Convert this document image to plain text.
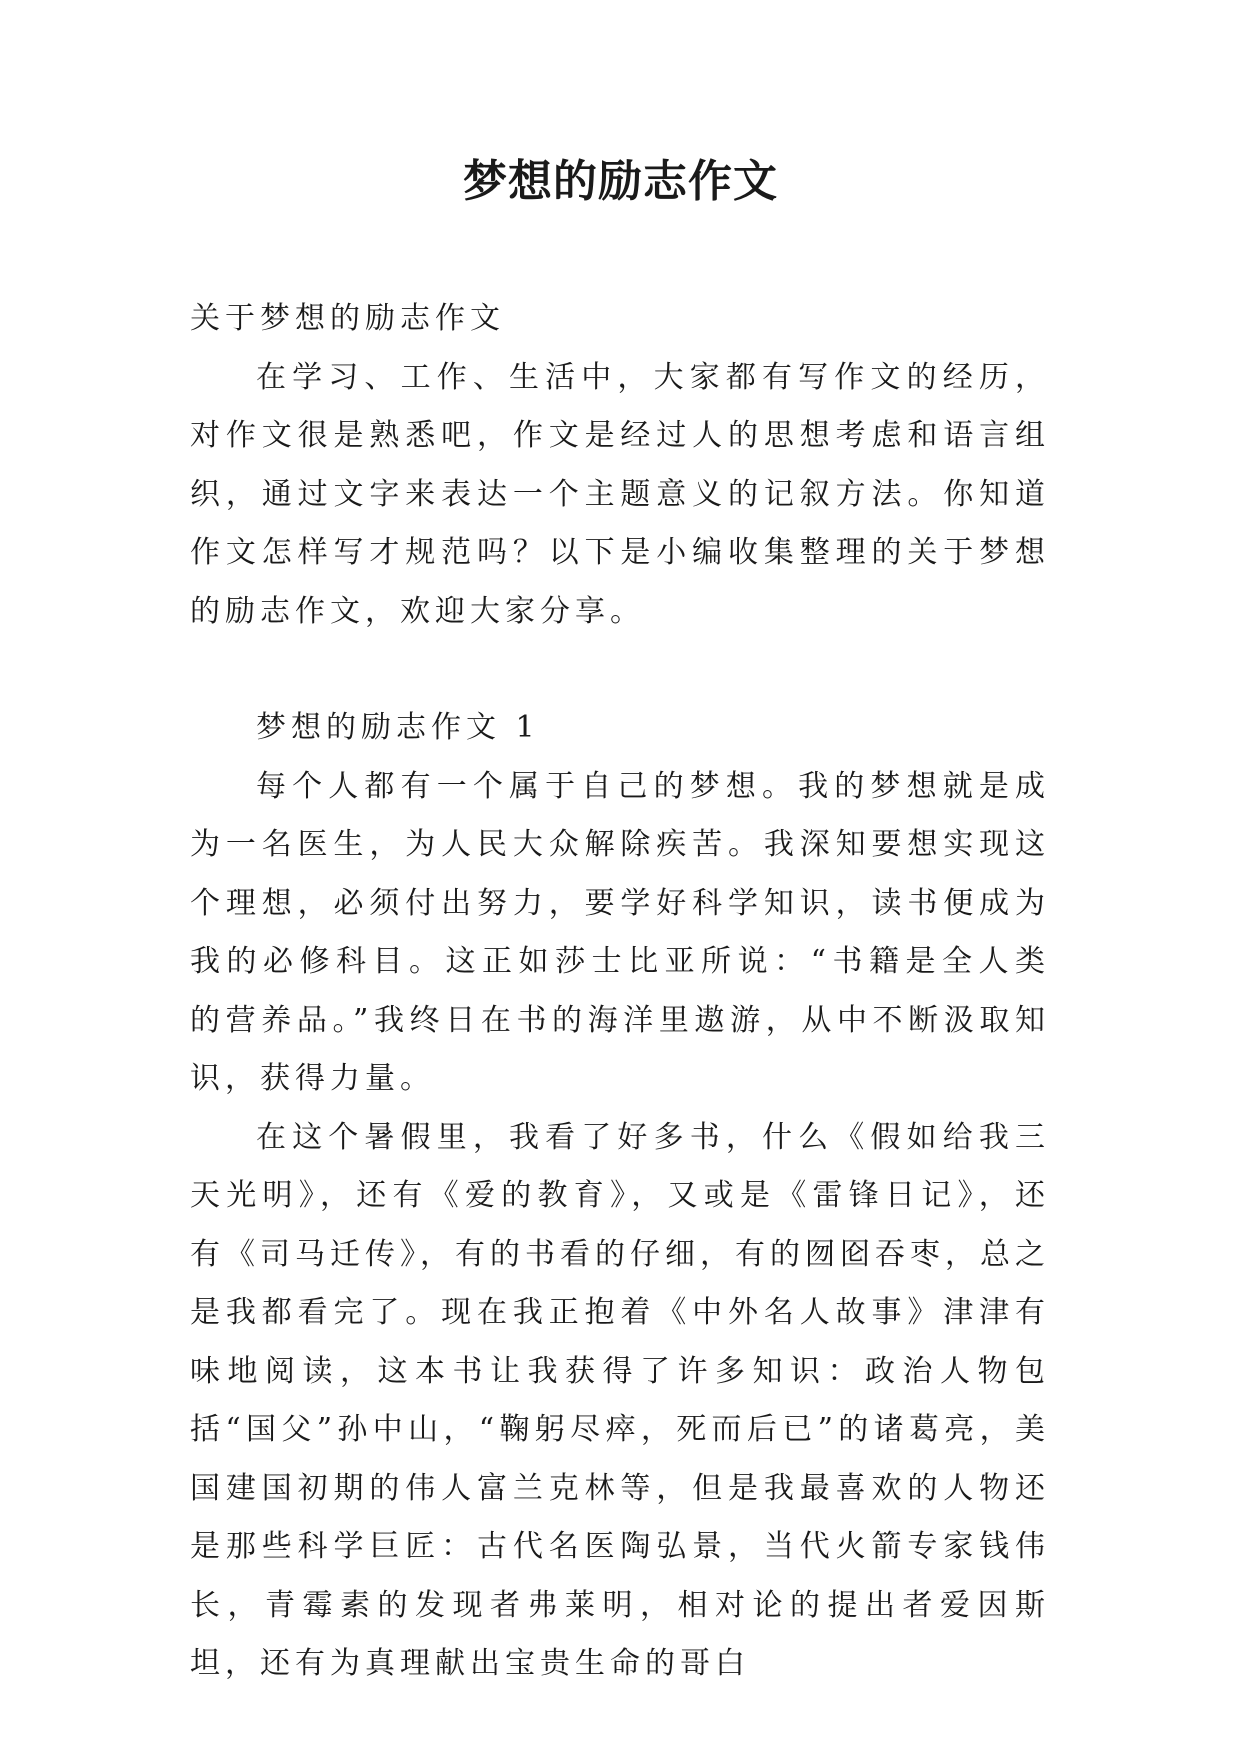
梦想的励志作文

关于梦想的励志作文

在学习、工作、生活中，大家都有写作文的经历，对作文很是熟悉吧，作文是经过人的思想考虑和语言组织，通过文字来表达一个主题意义的记叙方法。你知道作文怎样写才规范吗？以下是小编收集整理的关于梦想的励志作文，欢迎大家分享。

梦想的励志作文 1

每个人都有一个属于自己的梦想。我的梦想就是成为一名医生，为人民大众解除疾苦。我深知要想实现这个理想，必须付出努力，要学好科学知识，读书便成为我的必修科目。这正如莎士比亚所说：“书籍是全人类的营养品。”我终日在书的海洋里遨游，从中不断汲取知识，获得力量。

在这个暑假里，我看了好多书，什么《假如给我三天光明》，还有《爱的教育》，又或是《雷锋日记》，还有《司马迁传》，有的书看的仔细，有的囫囵吞枣，总之是我都看完了。现在我正抱着《中外名人故事》津津有味地阅读，这本书让我获得了许多知识：政治人物包括“国父”孙中山，“鞠躬尽瘁，死而后已”的诸葛亮，美国建国初期的伟人富兰克林等，但是我最喜欢的人物还是那些科学巨匠：古代名医陶弘景，当代火箭专家钱伟长，青霉素的发现者弗莱明，相对论的提出者爱因斯坦，还有为真理献出宝贵生命的哥白
